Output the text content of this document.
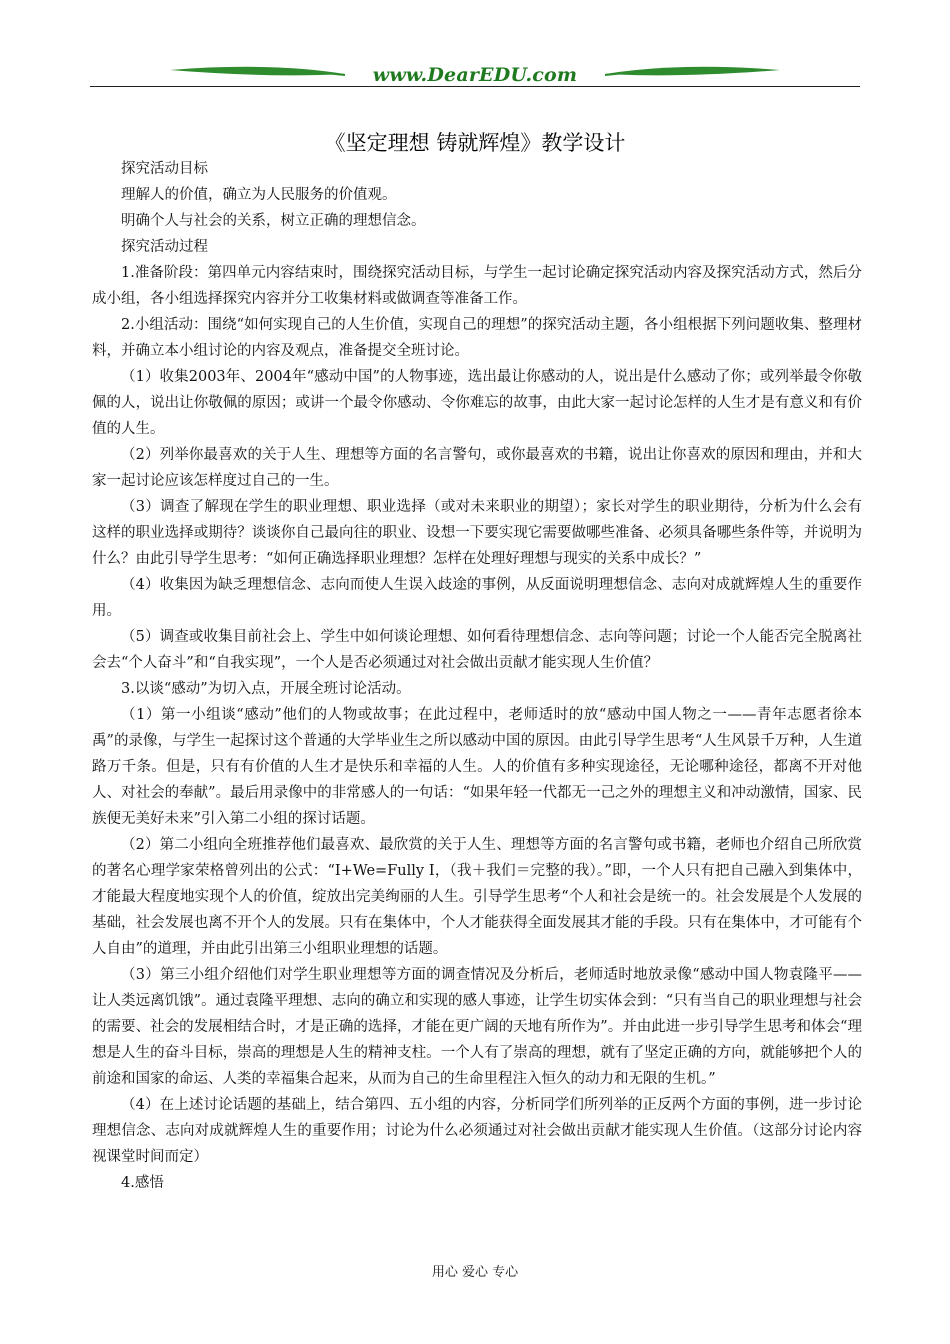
www.DearEDU.com
《坚定理想 铸就辉煌》教学设计

探究活动目标

理解人的价值，确立为人民服务的价值观。

明确个人与社会的关系，树立正确的理想信念。

探究活动过程

1.准备阶段：第四单元内容结束时，围绕探究活动目标，与学生一起讨论确定探究活动内容及探究活动方式，然后分成小组，各小组选择探究内容并分工收集材料或做调查等准备工作。

2.小组活动：围绕“如何实现自己的人生价值，实现自己的理想”的探究活动主题，各小组根据下列问题收集、整理材料，并确立本小组讨论的内容及观点，准备提交全班讨论。

（1）收集2003年、2004年“感动中国”的人物事迹，选出最让你感动的人，说出是什么感动了你；或列举最令你敬佩的人，说出让你敬佩的原因；或讲一个最令你感动、令你难忘的故事，由此大家一起讨论怎样的人生才是有意义和有价值的人生。

（2）列举你最喜欢的关于人生、理想等方面的名言警句，或你最喜欢的书籍，说出让你喜欢的原因和理由，并和大家一起讨论应该怎样度过自己的一生。

（3）调查了解现在学生的职业理想、职业选择（或对未来职业的期望）；家长对学生的职业期待，分析为什么会有这样的职业选择或期待？谈谈你自己最向往的职业、设想一下要实现它需要做哪些准备、必须具备哪些条件等，并说明为什么？由此引导学生思考：“如何正确选择职业理想？怎样在处理好理想与现实的关系中成长？”

（4）收集因为缺乏理想信念、志向而使人生误入歧途的事例，从反面说明理想信念、志向对成就辉煌人生的重要作用。

（5）调查或收集目前社会上、学生中如何谈论理想、如何看待理想信念、志向等问题；讨论一个人能否完全脱离社会去“个人奋斗”和“自我实现”，一个人是否必须通过对社会做出贡献才能实现人生价值？

3.以谈“感动”为切入点，开展全班讨论活动。

（1）第一小组谈“感动”他们的人物或故事；在此过程中，老师适时的放“感动中国人物之一——青年志愿者徐本禹”的录像，与学生一起探讨这个普通的大学毕业生之所以感动中国的原因。由此引导学生思考“人生风景千万种，人生道路万千条。但是，只有有价值的人生才是快乐和幸福的人生。人的价值有多种实现途径，无论哪种途径，都离不开对他人、对社会的奉献”。最后用录像中的非常感人的一句话：“如果年轻一代都无一己之外的理想主义和冲动激情，国家、民族便无美好未来”引入第二小组的探讨话题。

（2）第二小组向全班推荐他们最喜欢、最欣赏的关于人生、理想等方面的名言警句或书籍，老师也介绍自己所欣赏的著名心理学家荣格曾列出的公式：“I+We=Fully I，（我＋我们＝完整的我）。”即，一个人只有把自己融入到集体中，才能最大程度地实现个人的价值，绽放出完美绚丽的人生。引导学生思考“个人和社会是统一的。社会发展是个人发展的基础，社会发展也离不开个人的发展。只有在集体中，个人才能获得全面发展其才能的手段。只有在集体中，才可能有个人自由”的道理，并由此引出第三小组职业理想的话题。

（3）第三小组介绍他们对学生职业理想等方面的调查情况及分析后，老师适时地放录像“感动中国人物袁隆平——让人类远离饥饿”。通过袁隆平理想、志向的确立和实现的感人事迹，让学生切实体会到：“只有当自己的职业理想与社会的需要、社会的发展相结合时，才是正确的选择，才能在更广阔的天地有所作为”。并由此进一步引导学生思考和体会“理想是人生的奋斗目标，崇高的理想是人生的精神支柱。一个人有了崇高的理想，就有了坚定正确的方向，就能够把个人的前途和国家的命运、人类的幸福集合起来，从而为自己的生命里程注入恒久的动力和无限的生机。”

（4）在上述讨论话题的基础上，结合第四、五小组的内容，分析同学们所列举的正反两个方面的事例，进一步讨论理想信念、志向对成就辉煌人生的重要作用；讨论为什么必须通过对社会做出贡献才能实现人生价值。（这部分讨论内容视课堂时间而定）

4.感悟

用心 爱心 专心
